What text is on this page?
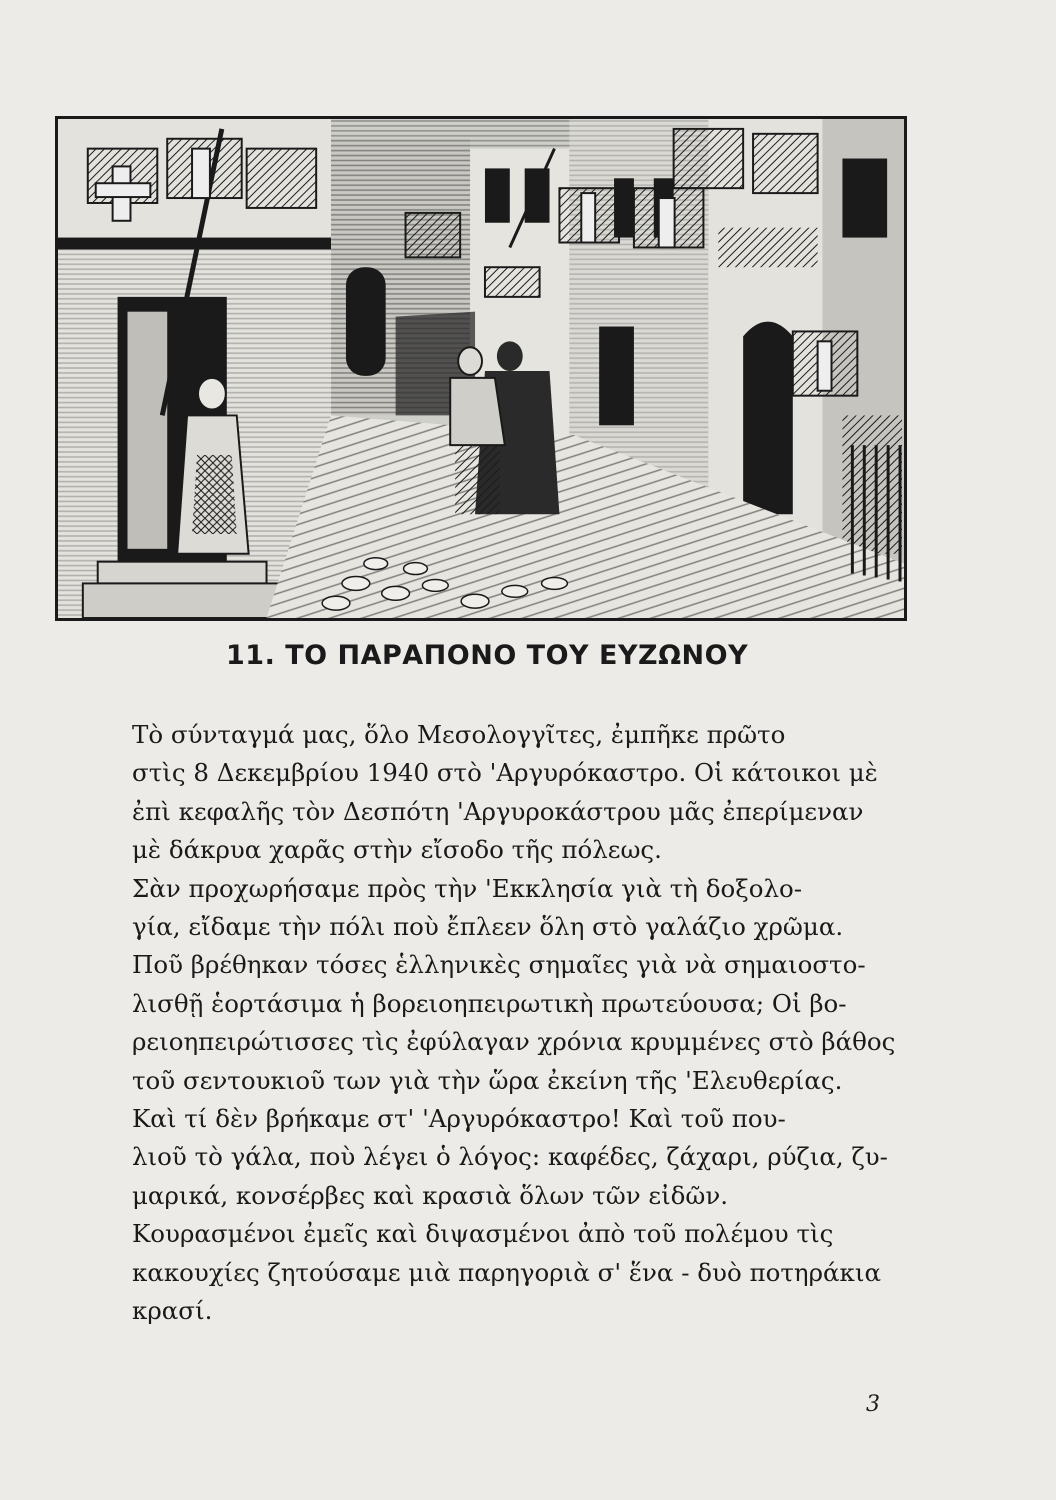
11. ΤΟ ΠΑΡΑΠΟΝΟ ΤΟΥ ΕΥΖΩΝΟΥ
Τὸ σύνταγμά μας, ὅλο Μεσολογγῖτες, ἐμπῆκε πρῶτο
στὶς 8 Δεκεμβρίου 1940 στὸ 'Αργυρόκαστρο. Οἱ κάτοικοι μὲ
ἐπὶ κεφαλῆς τὸν Δεσπότη 'Αργυροκάστρου μᾶς ἐπερίμεναν
μὲ δάκρυα χαρᾶς στὴν εἴσοδο τῆς πόλεως.
Σὰν προχωρήσαμε πρὸς τὴν 'Εκκλησία γιὰ τὴ δοξολο-
γία, εἴδαμε τὴν πόλι ποὺ ἔπλεεν ὅλη στὸ γαλάζιο χρῶμα.
Ποῦ βρέθηκαν τόσες ἑλληνικὲς σημαῖες γιὰ νὰ σημαιοστο-
λισθῇ ἑορτάσιμα ἡ βορειοηπειρωτικὴ πρωτεύουσα; Οἱ βο-
ρειοηπειρώτισσες τὶς ἐφύλαγαν χρόνια κρυμμένες στὸ βάθος
τοῦ σεντουκιοῦ των γιὰ τὴν ὥρα ἐκείνη τῆς 'Ελευθερίας.
Καὶ τί δὲν βρήκαμε στ' 'Αργυρόκαστρο! Καὶ τοῦ που-
λιοῦ τὸ γάλα, ποὺ λέγει ὁ λόγος: καφέδες, ζάχαρι, ρύζια, ζυ-
μαρικά, κονσέρβες καὶ κρασιὰ ὅλων τῶν εἰδῶν.
Κουρασμένοι ἐμεῖς καὶ διψασμένοι ἀπὸ τοῦ πολέμου τὶς
κακουχίες ζητούσαμε μιὰ παρηγοριὰ σ' ἕνα - δυὸ ποτηράκια
κρασί.
3
